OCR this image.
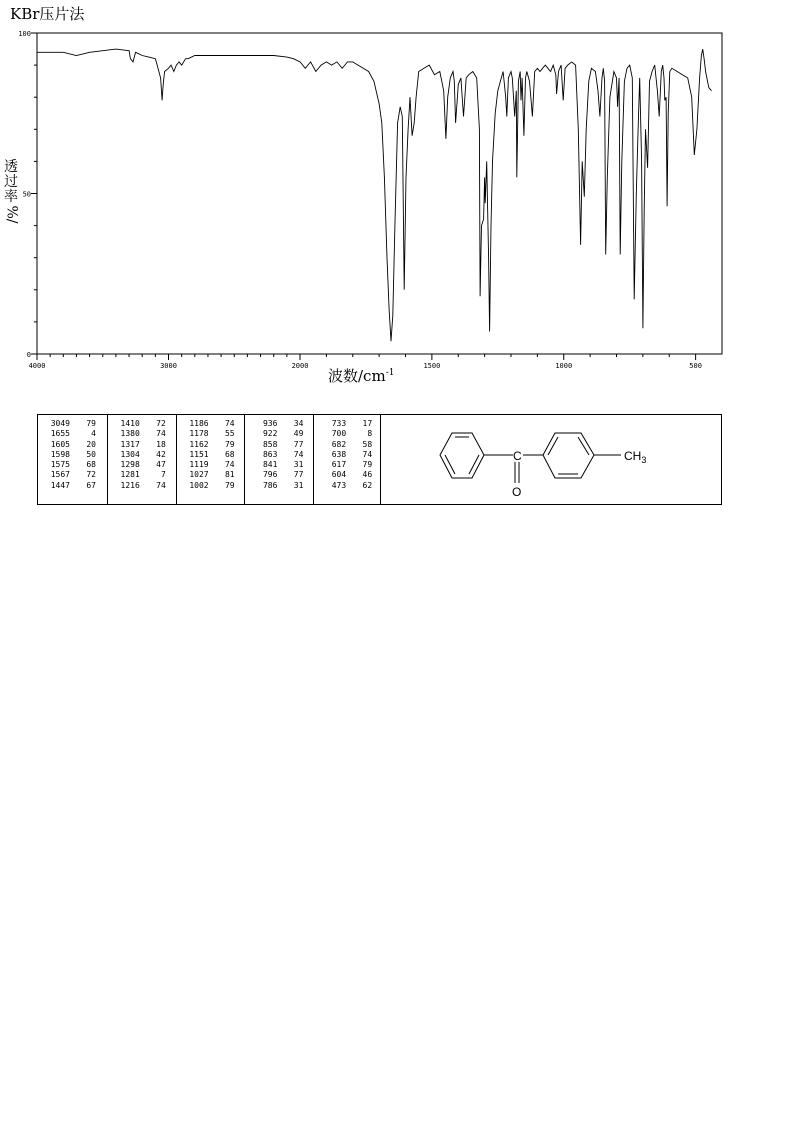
KBr压片法
透
过
率
%/
4000	3000	2000	1500	1000	500
0
50
100
波数$/cm^{-1}$
3049	79
1655	4
1605	20
1598	50
1575	68
1567	72
1447	67
1410	72
1380	74
1317	18
1304	42
1298	47
1281	7
1216	74
1186	74
1178	55
1162	79
1151	68
1119	74
1027	81
1002	79
936	34
922	49
858	77
863	74
841	31
796	77
786	31
733	17
700	8
682	58
638	74
617	79
604	46
473	62
C
O
$CH_3$
